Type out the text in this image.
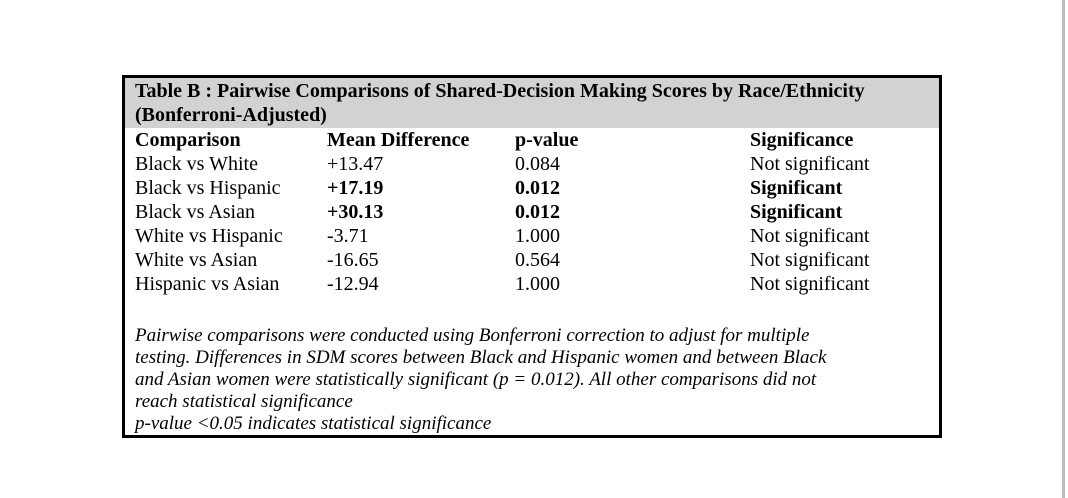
Table B : Pairwise Comparisons of Shared-Decision Making Scores by Race/Ethnicity
(Bonferroni-Adjusted)
Comparison	Mean Difference	p-value	Significance
Black vs White	+13.47	0.084	Not significant
Black vs Hispanic	+17.19	0.012	Significant
Black vs Asian	+30.13	0.012	Significant
White vs Hispanic	-3.71	1.000	Not significant
White vs Asian	-16.65	0.564	Not significant
Hispanic vs Asian	-12.94	1.000	Not significant
Pairwise comparisons were conducted using Bonferroni correction to adjust for multiple
testing. Differences in SDM scores between Black and Hispanic women and between Black
and Asian women were statistically significant (p = 0.012). All other comparisons did not
reach statistical significance
p-value <0.05 indicates statistical significance
